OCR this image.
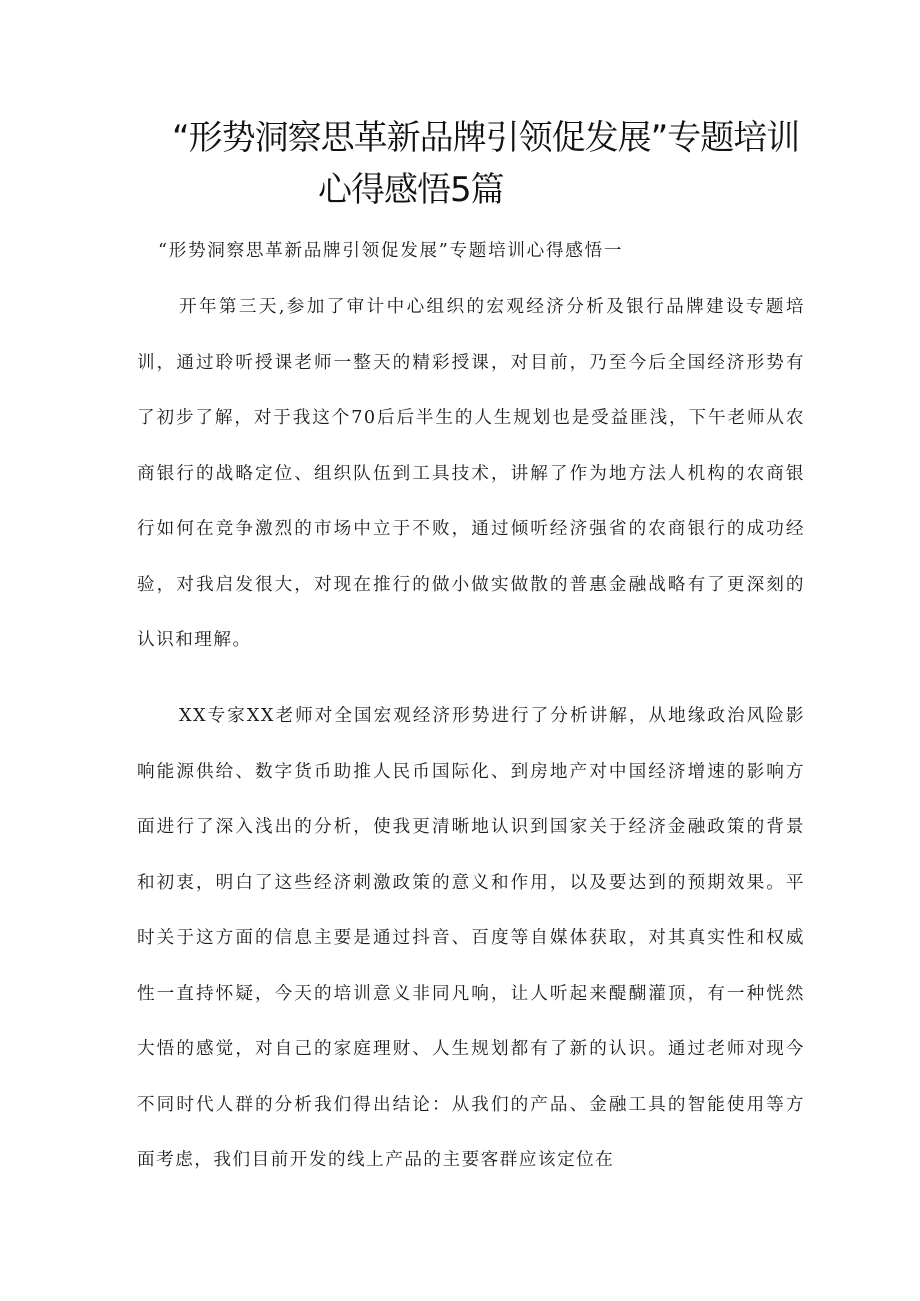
“形势洞察思革新品牌引领促发展”专题培训
心得感悟5篇
“形势洞察思革新品牌引领促发展”专题培训心得感悟一

开年第三天,参加了审计中心组织的宏观经济分析及银行品牌建设专题培训，通过聆听授课老师一整天的精彩授课，对目前，乃至今后全国经济形势有了初步了解，对于我这个70后后半生的人生规划也是受益匪浅，下午老师从农商银行的战略定位、组织队伍到工具技术，讲解了作为地方法人机构的农商银行如何在竞争激烈的市场中立于不败，通过倾听经济强省的农商银行的成功经验，对我启发很大，对现在推行的做小做实做散的普惠金融战略有了更深刻的认识和理解。

XX专家XX老师对全国宏观经济形势进行了分析讲解，从地缘政治风险影响能源供给、数字货币助推人民币国际化、到房地产对中国经济增速的影响方面进行了深入浅出的分析，使我更清晰地认识到国家关于经济金融政策的背景和初衷，明白了这些经济刺激政策的意义和作用，以及要达到的预期效果。平时关于这方面的信息主要是通过抖音、百度等自媒体获取，对其真实性和权威性一直持怀疑，今天的培训意义非同凡响，让人听起来醍醐灌顶，有一种恍然大悟的感觉，对自己的家庭理财、人生规划都有了新的认识。通过老师对现今不同时代人群的分析我们得出结论：从我们的产品、金融工具的智能使用等方面考虑，我们目前开发的线上产品的主要客群应该定位在
